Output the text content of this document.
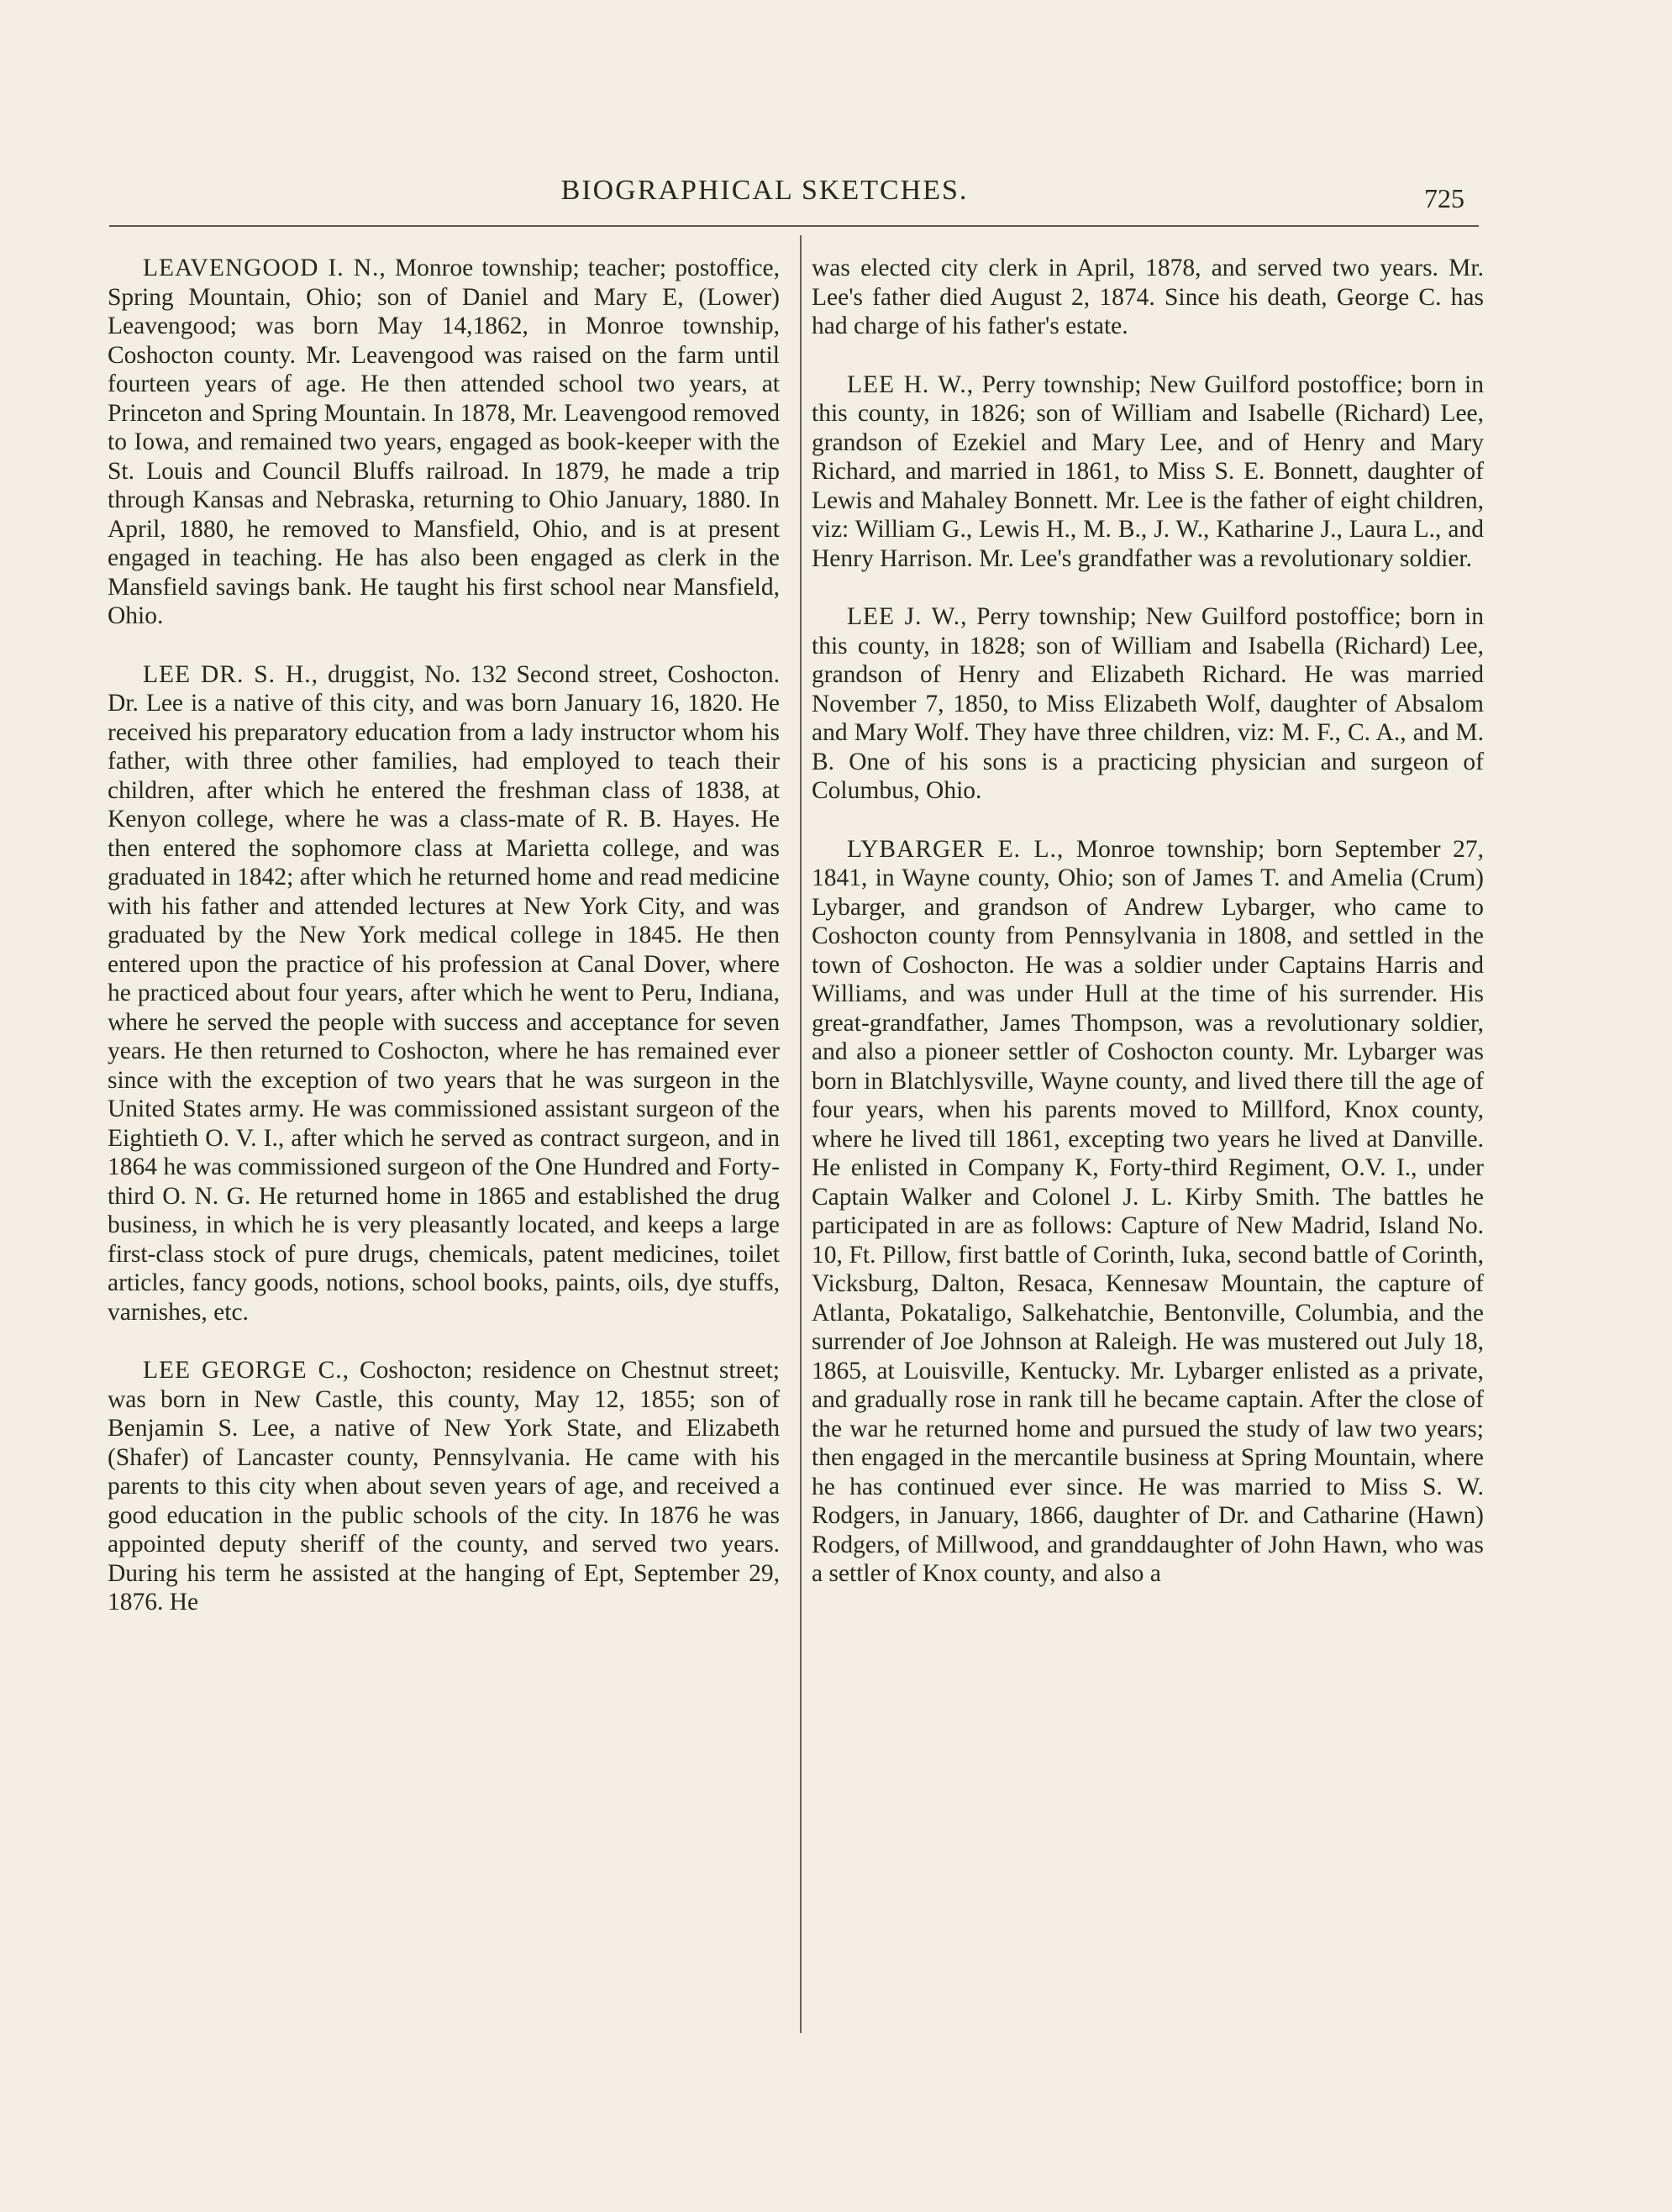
BIOGRAPHICAL SKETCHES.	725

LEAVENGOOD I. N., Monroe township; teacher; postoffice, Spring Mountain, Ohio; son of Daniel and Mary E, (Lower) Leavengood; was born May 14,1862, in Monroe township, Coshocton county. Mr. Leavengood was raised on the farm until fourteen years of age. He then attended school two years, at Princeton and Spring Mountain. In 1878, Mr. Leavengood removed to Iowa, and remained two years, engaged as book-keeper with the St. Louis and Council Bluffs railroad. In 1879, he made a trip through Kansas and Nebraska, returning to Ohio January, 1880. In April, 1880, he removed to Mansfield, Ohio, and is at present engaged in teaching. He has also been engaged as clerk in the Mansfield savings bank. He taught his first school near Mansfield, Ohio.

LEE DR. S. H., druggist, No. 132 Second street, Coshocton. Dr. Lee is a native of this city, and was born January 16, 1820. He received his preparatory education from a lady instructor whom his father, with three other families, had employed to teach their children, after which he entered the freshman class of 1838, at Kenyon college, where he was a class-mate of R. B. Hayes. He then entered the sophomore class at Marietta college, and was graduated in 1842; after which he returned home and read medicine with his father and attended lectures at New York City, and was graduated by the New York medical college in 1845. He then entered upon the practice of his profession at Canal Dover, where he practiced about four years, after which he went to Peru, Indiana, where he served the people with success and acceptance for seven years. He then returned to Coshocton, where he has remained ever since with the exception of two years that he was surgeon in the United States army. He was commissioned assistant surgeon of the Eightieth O. V. I., after which he served as contract surgeon, and in 1864 he was commissioned surgeon of the One Hundred and Forty-third O. N. G. He returned home in 1865 and established the drug business, in which he is very pleasantly located, and keeps a large first-class stock of pure drugs, chemicals, patent medicines, toilet articles, fancy goods, notions, school books, paints, oils, dye stuffs, varnishes, etc.

LEE GEORGE C., Coshocton; residence on Chestnut street; was born in New Castle, this county, May 12, 1855; son of Benjamin S. Lee, a native of New York State, and Elizabeth (Shafer) of Lancaster county, Pennsylvania. He came with his parents to this city when about seven years of age, and received a good education in the public schools of the city. In 1876 he was appointed deputy sheriff of the county, and served two years. During his term he assisted at the hanging of Ept, September 29, 1876. He

was elected city clerk in April, 1878, and served two years. Mr. Lee's father died August 2, 1874. Since his death, George C. has had charge of his father's estate.

LEE H. W., Perry township; New Guilford postoffice; born in this county, in 1826; son of William and Isabelle (Richard) Lee, grandson of Ezekiel and Mary Lee, and of Henry and Mary Richard, and married in 1861, to Miss S. E. Bonnett, daughter of Lewis and Mahaley Bonnett. Mr. Lee is the father of eight children, viz: William G., Lewis H., M. B., J. W., Katharine J., Laura L., and Henry Harrison. Mr. Lee's grandfather was a revolutionary soldier.

LEE J. W., Perry township; New Guilford postoffice; born in this county, in 1828; son of William and Isabella (Richard) Lee, grandson of Henry and Elizabeth Richard. He was married November 7, 1850, to Miss Elizabeth Wolf, daughter of Absalom and Mary Wolf. They have three children, viz: M. F., C. A., and M. B. One of his sons is a practicing physician and surgeon of Columbus, Ohio.

LYBARGER E. L., Monroe township; born September 27, 1841, in Wayne county, Ohio; son of James T. and Amelia (Crum) Lybarger, and grandson of Andrew Lybarger, who came to Coshocton county from Pennsylvania in 1808, and settled in the town of Coshocton. He was a soldier under Captains Harris and Williams, and was under Hull at the time of his surrender. His great-grandfather, James Thompson, was a revolutionary soldier, and also a pioneer settler of Coshocton county. Mr. Lybarger was born in Blatchlysville, Wayne county, and lived there till the age of four years, when his parents moved to Millford, Knox county, where he lived till 1861, excepting two years he lived at Danville. He enlisted in Company K, Forty-third Regiment, O.V. I., under Captain Walker and Colonel J. L. Kirby Smith. The battles he participated in are as follows: Capture of New Madrid, Island No. 10, Ft. Pillow, first battle of Corinth, Iuka, second battle of Corinth, Vicksburg, Dalton, Resaca, Kennesaw Mountain, the capture of Atlanta, Pokataligo, Salkehatchie, Bentonville, Columbia, and the surrender of Joe Johnson at Raleigh. He was mustered out July 18, 1865, at Louisville, Kentucky. Mr. Lybarger enlisted as a private, and gradually rose in rank till he became captain. After the close of the war he returned home and pursued the study of law two years; then engaged in the mercantile business at Spring Mountain, where he has continued ever since. He was married to Miss S. W. Rodgers, in January, 1866, daughter of Dr. and Catharine (Hawn) Rodgers, of Millwood, and granddaughter of John Hawn, who was a settler of Knox county, and also a
